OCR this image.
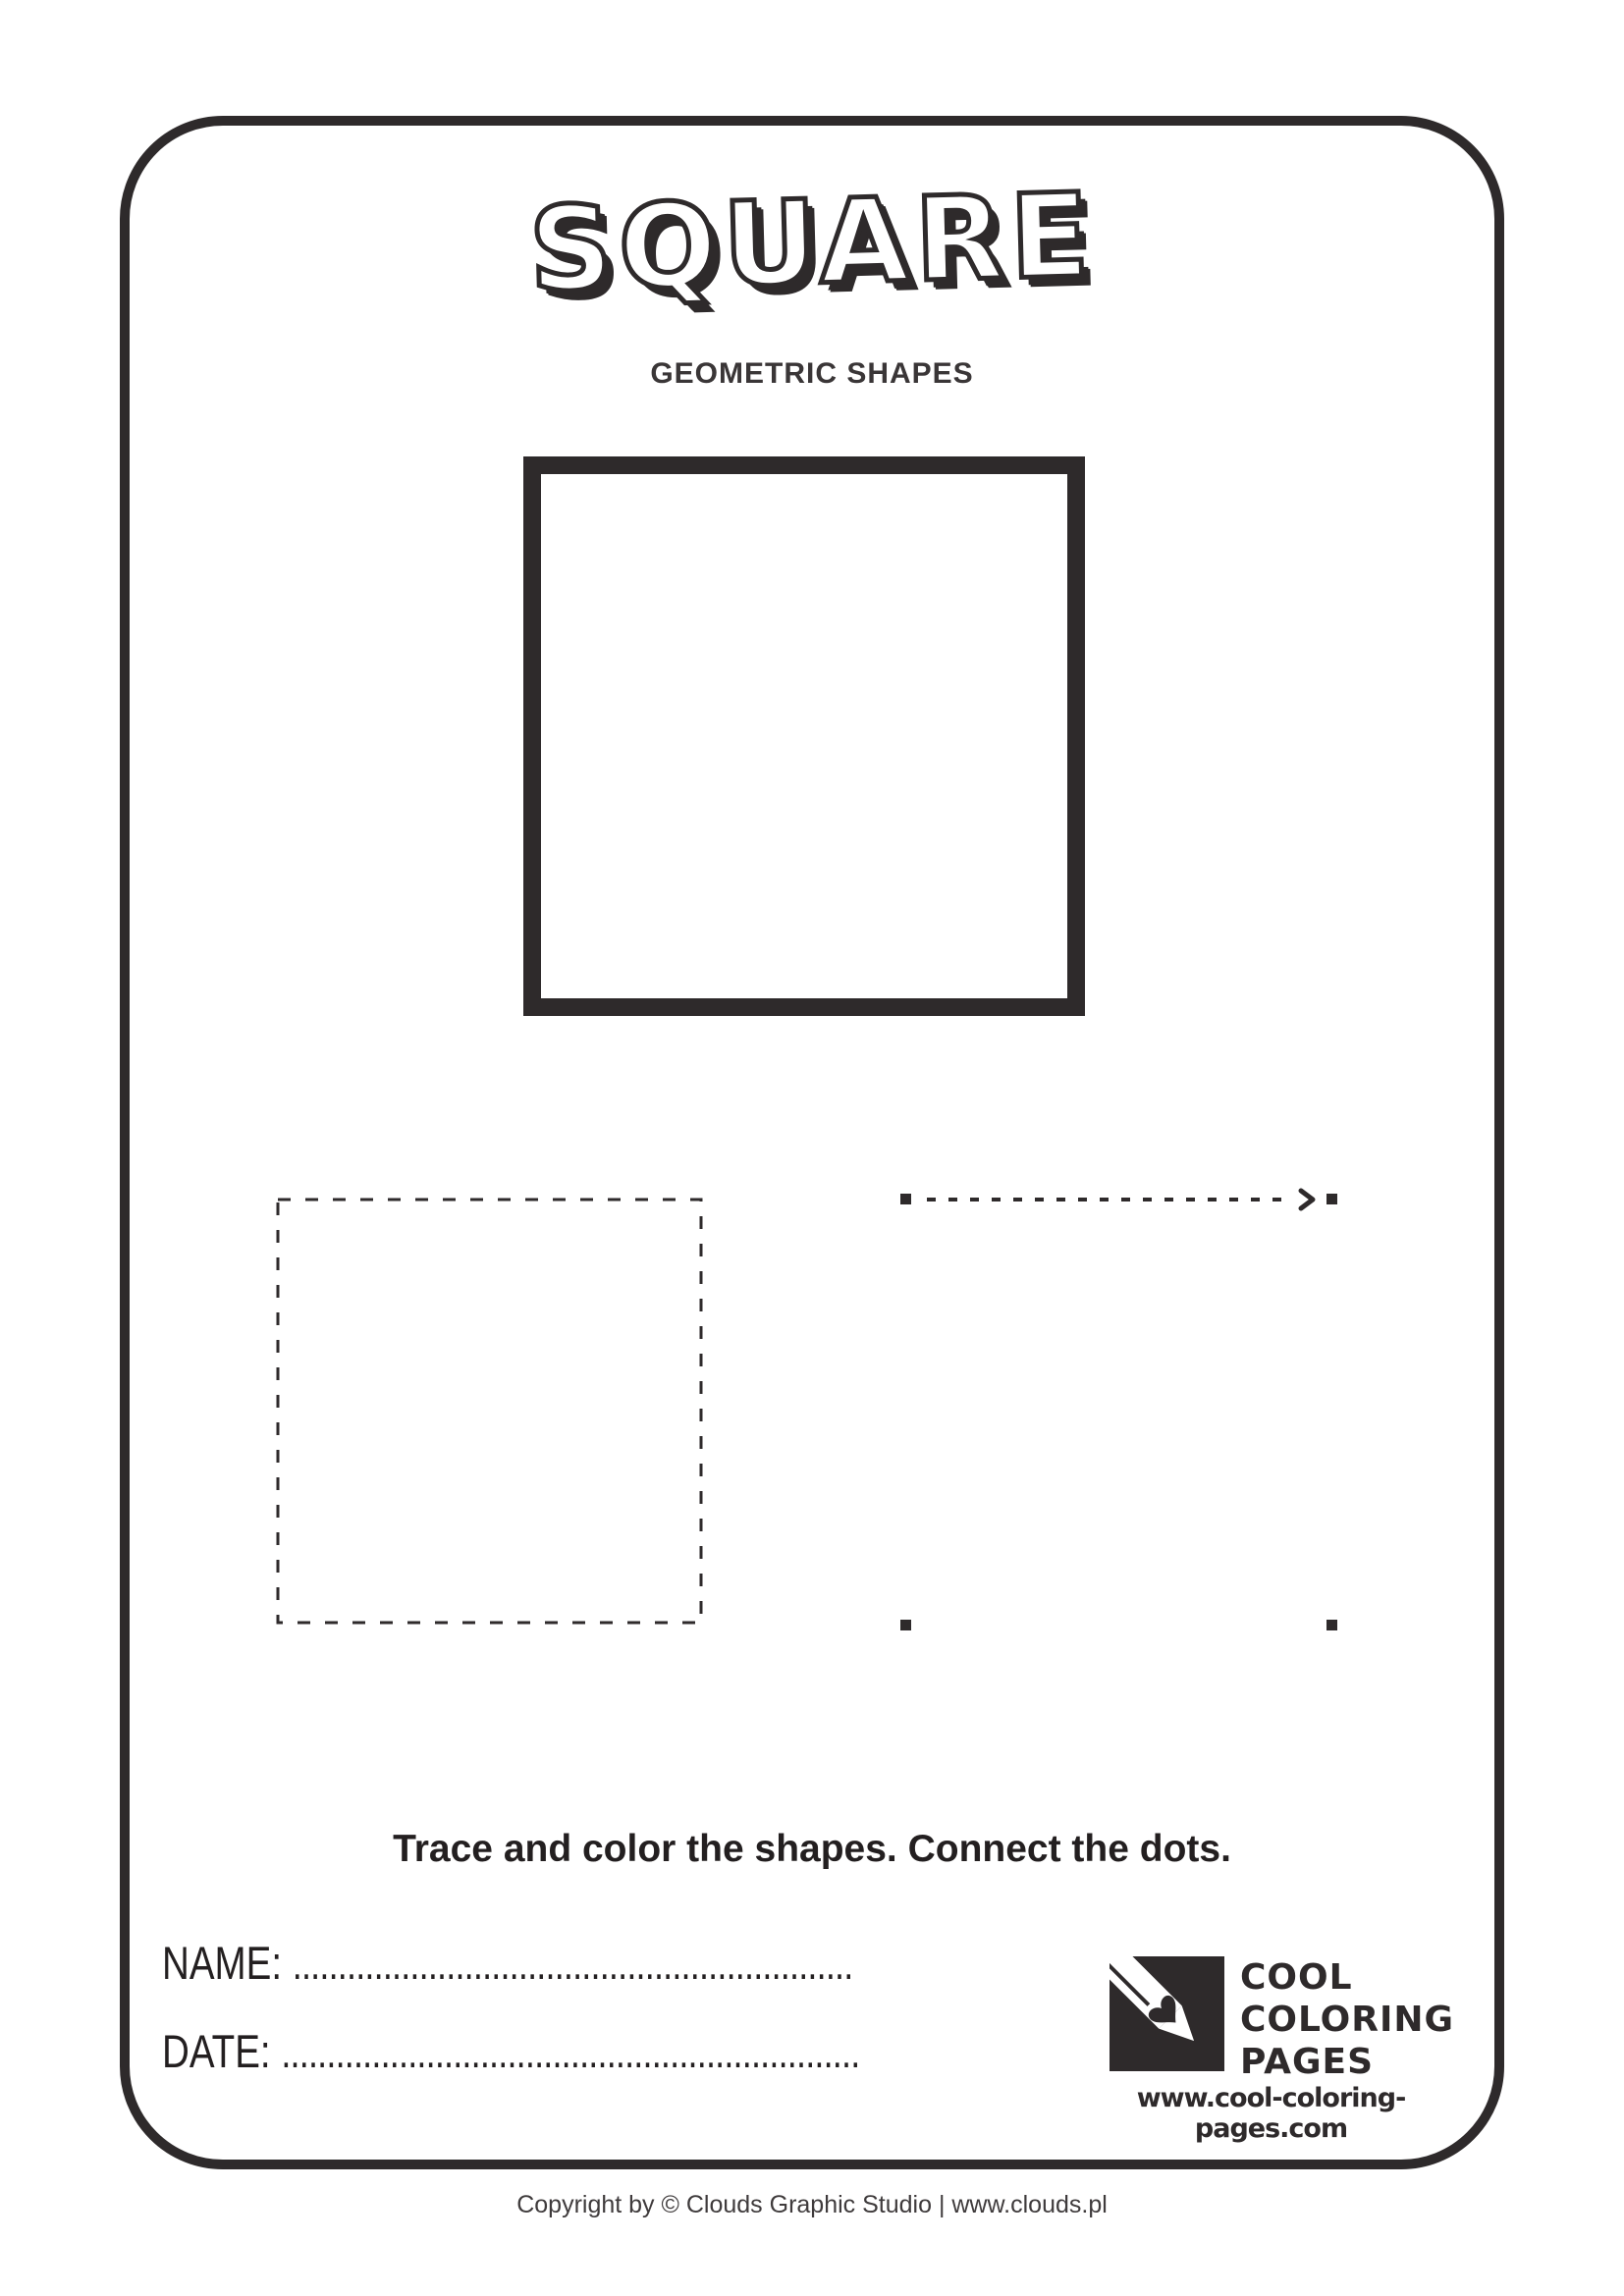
SQUARE
GEOMETRIC SHAPES
Trace and color the shapes. Connect the dots.
NAME: ..............................................................
DATE: ................................................................
COOL
COLORING
PAGES
www.cool-coloring-pages.com
Copyright by © Clouds Graphic Studio | www.clouds.pl
